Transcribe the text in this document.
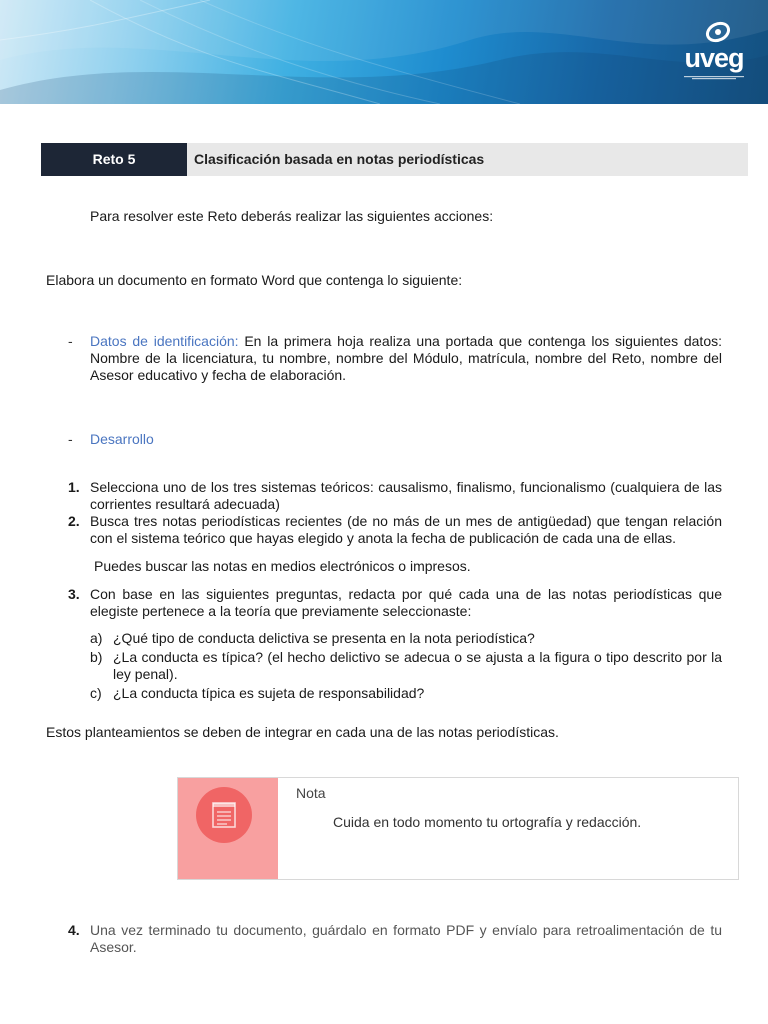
uveg
Reto 5	Clasificación basada en notas periodísticas
Para resolver este Reto deberás realizar las siguientes acciones:
Elabora un documento en formato Word que contenga lo siguiente:
- Datos de identificación: En la primera hoja realiza una portada que contenga los siguientes datos: Nombre de la licenciatura, tu nombre, nombre del Módulo, matrícula, nombre del Reto, nombre del Asesor educativo y fecha de elaboración.
- Desarrollo
1. Selecciona uno de los tres sistemas teóricos: causalismo, finalismo, funcionalismo (cualquiera de las corrientes resultará adecuada)
2. Busca tres notas periodísticas recientes (de no más de un mes de antigüedad) que tengan relación con el sistema teórico que hayas elegido y anota la fecha de publicación de cada una de ellas.
Puedes buscar las notas en medios electrónicos o impresos.
3. Con base en las siguientes preguntas, redacta por qué cada una de las notas periodísticas que elegiste pertenece a la teoría que previamente seleccionaste:
a) ¿Qué tipo de conducta delictiva se presenta en la nota periodística?
b) ¿La conducta es típica? (el hecho delictivo se adecua o se ajusta a la figura o tipo descrito por la ley penal).
c) ¿La conducta típica es sujeta de responsabilidad?
Estos planteamientos se deben de integrar en cada una de las notas periodísticas.
Nota
Cuida en todo momento tu ortografía y redacción.
4. Una vez terminado tu documento, guárdalo en formato PDF y envíalo para retroalimentación de tu Asesor.
